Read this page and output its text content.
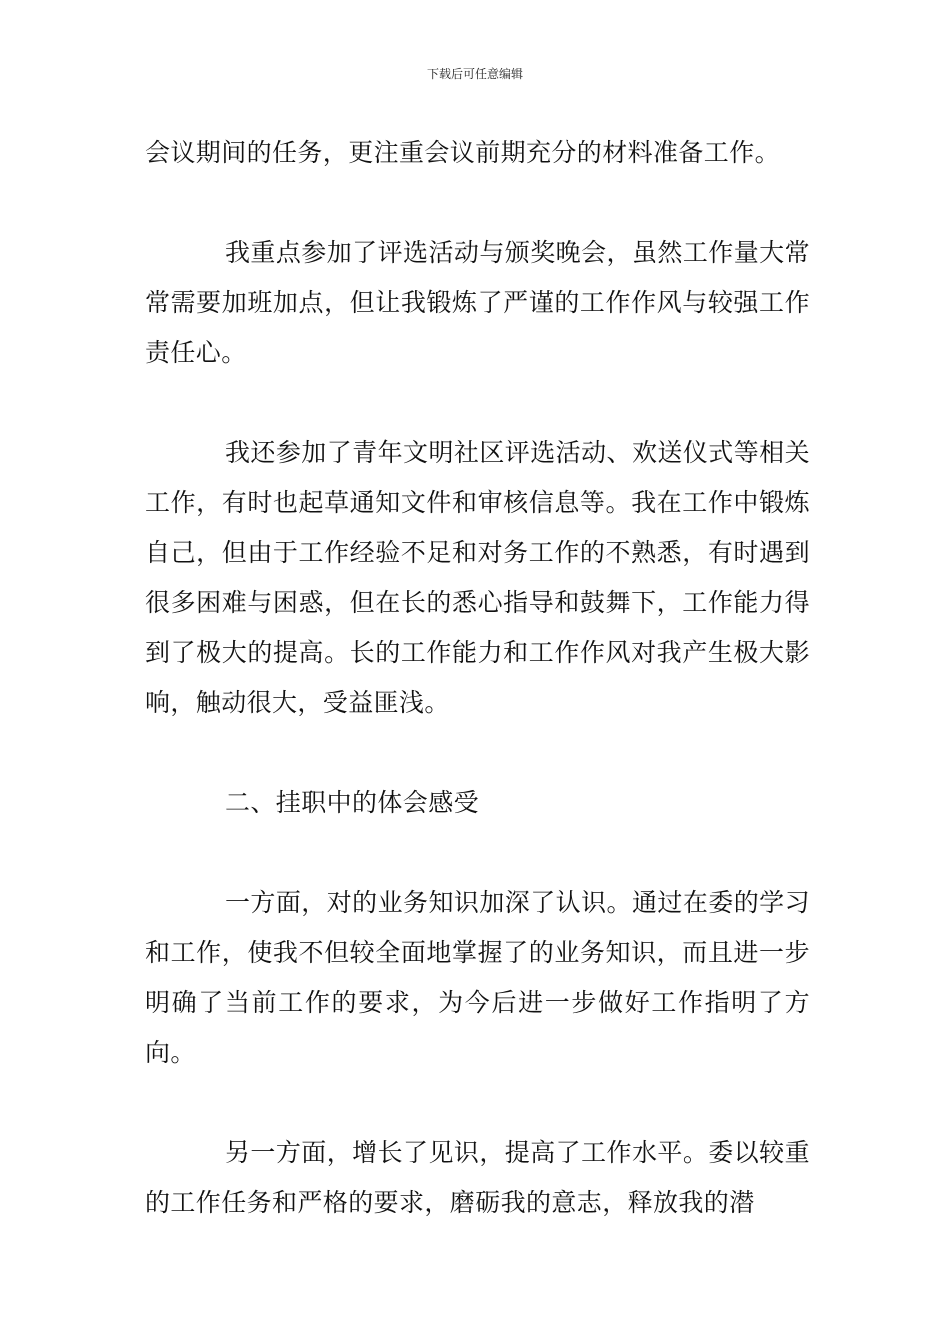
下载后可任意编辑

会议期间的任务，更注重会议前期充分的材料准备工作。

我重点参加了评选活动与颁奖晚会，虽然工作量大常常需要加班加点，但让我锻炼了严谨的工作作风与较强工作责任心。

我还参加了青年文明社区评选活动、欢送仪式等相关工作，有时也起草通知文件和审核信息等。我在工作中锻炼自己，但由于工作经验不足和对务工作的不熟悉，有时遇到很多困难与困惑，但在长的悉心指导和鼓舞下，工作能力得到了极大的提高。长的工作能力和工作作风对我产生极大影响，触动很大，受益匪浅。

二、挂职中的体会感受

一方面，对的业务知识加深了认识。通过在委的学习和工作，使我不但较全面地掌握了的业务知识，而且进一步明确了当前工作的要求，为今后进一步做好工作指明了方向。

另一方面，增长了见识，提高了工作水平。委以较重的工作任务和严格的要求，磨砺我的意志，释放我的潜
